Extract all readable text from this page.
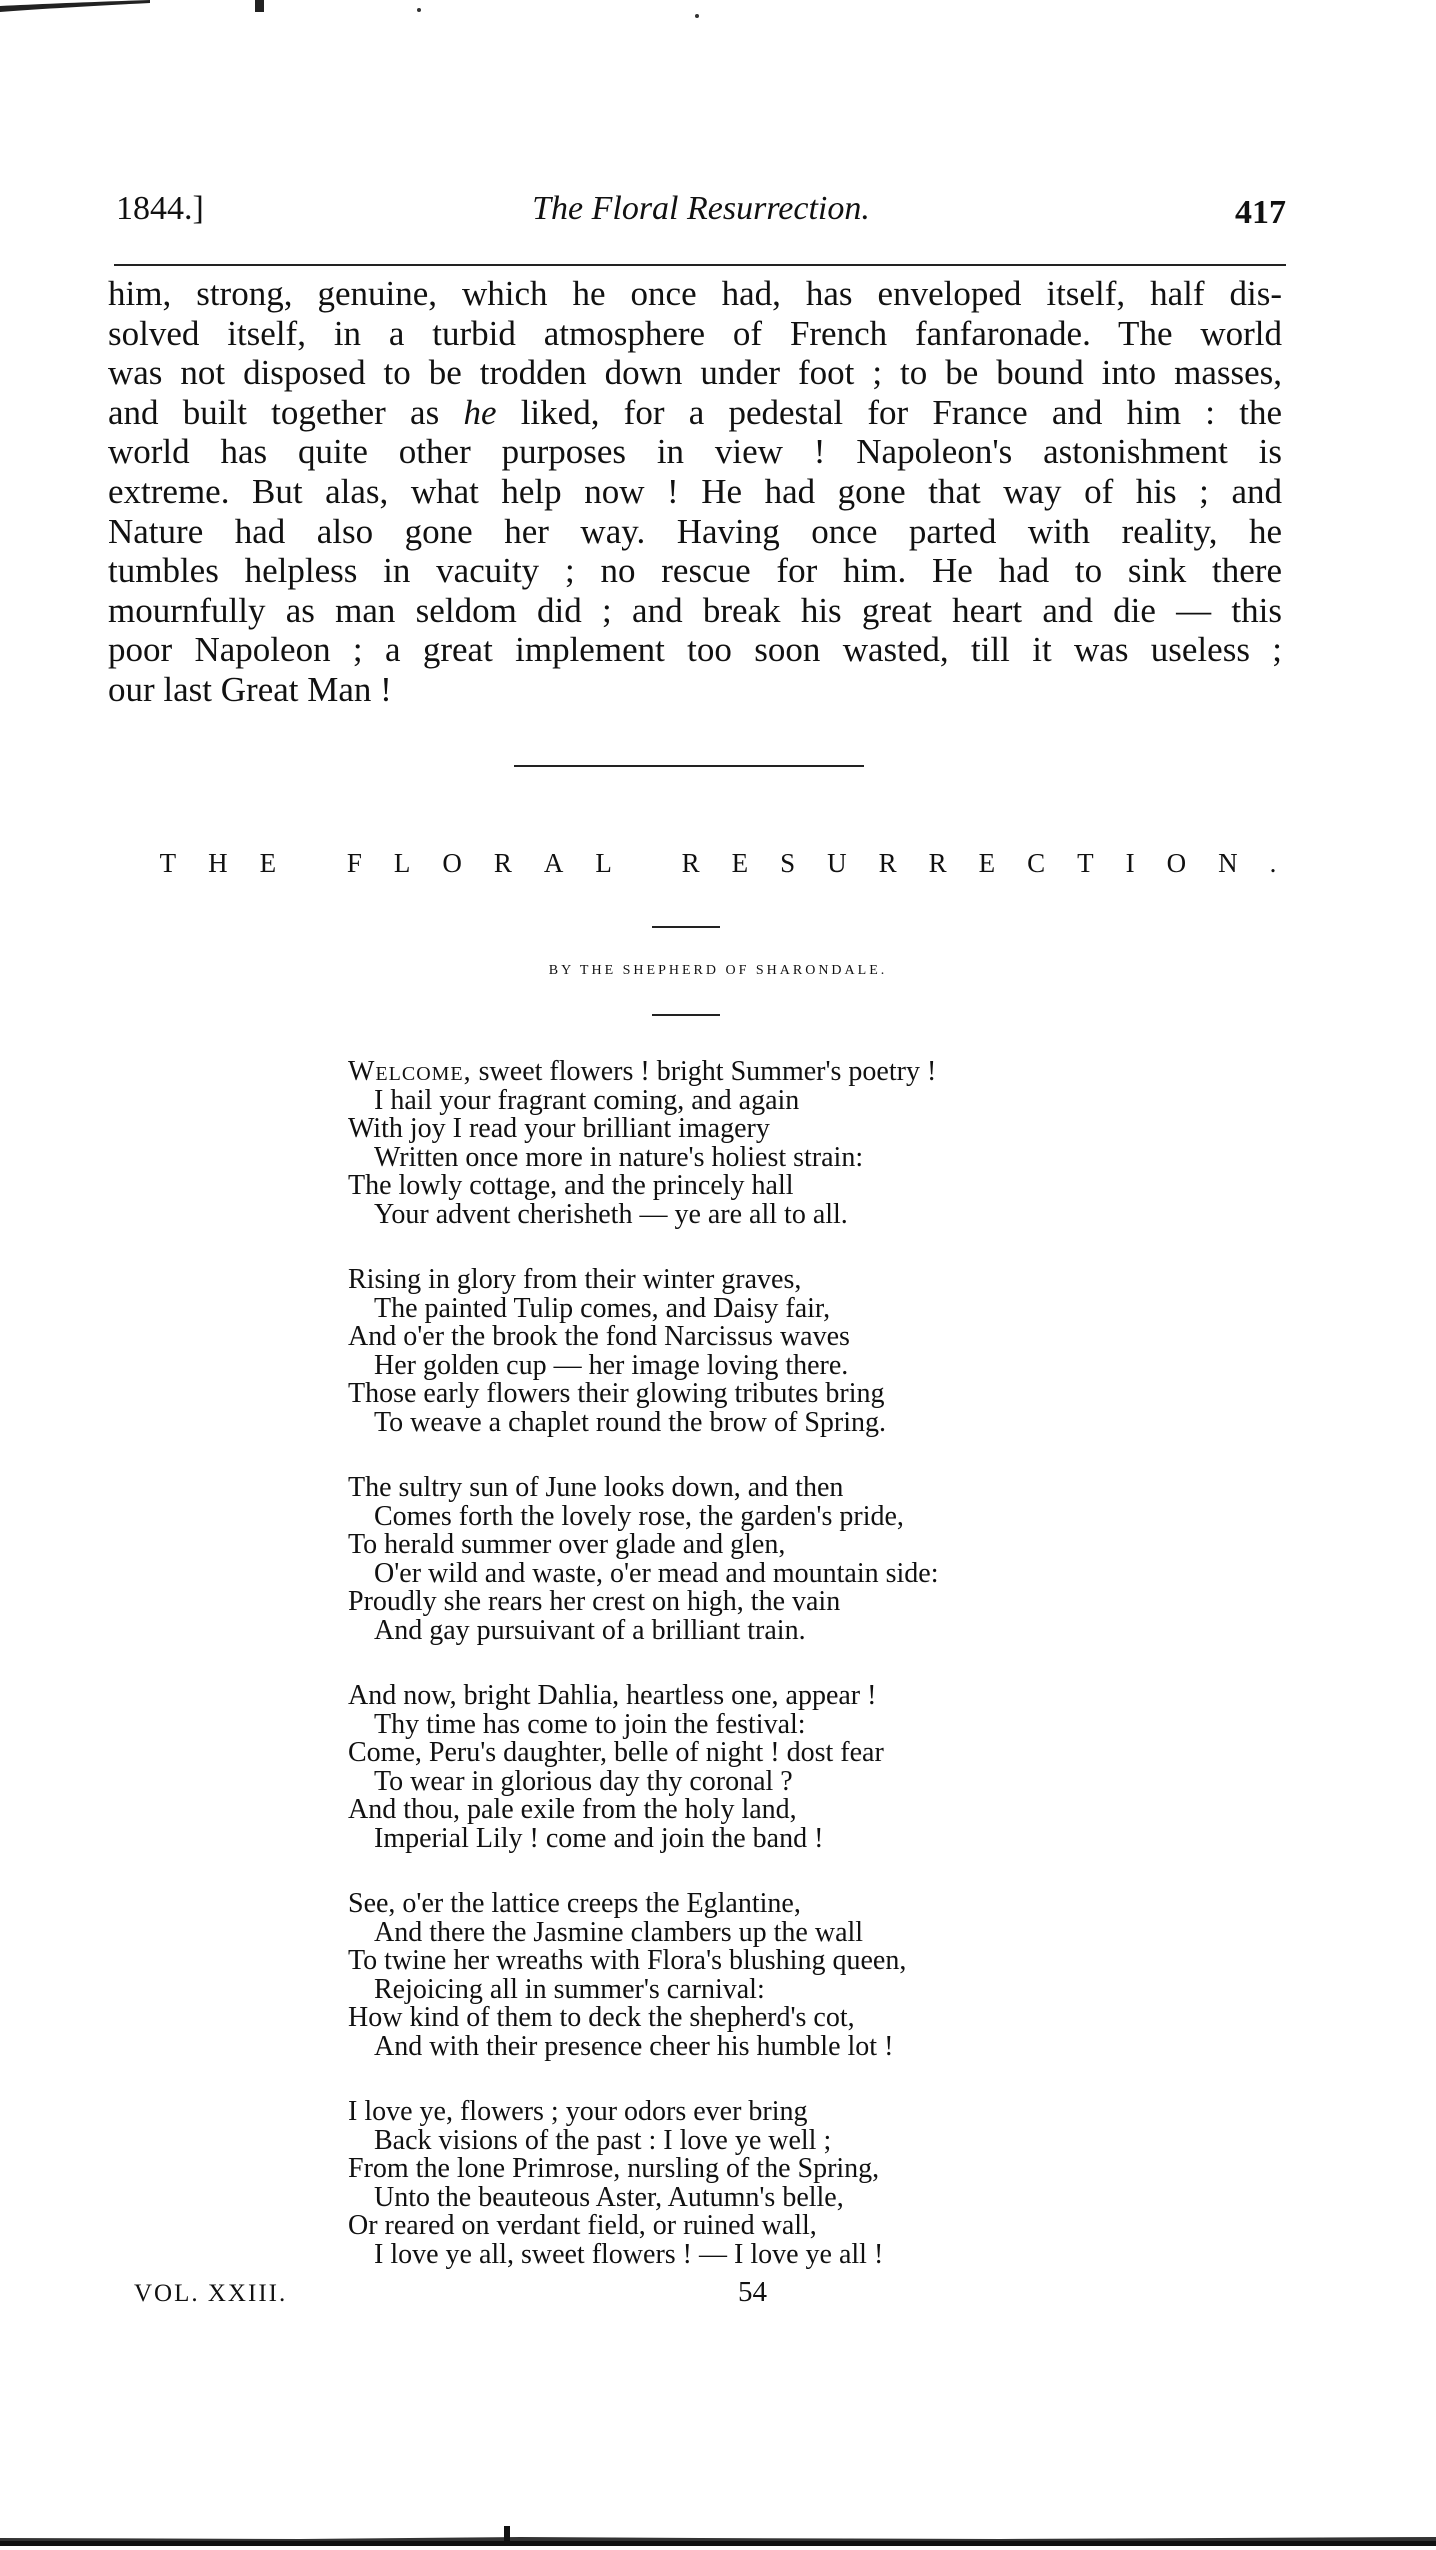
1844.]	The Floral Resurrection.	417
him, strong, genuine, which he once had, has enveloped itself, half dis-
solved itself, in a turbid atmosphere of French fanfaronade. The world
was not disposed to be trodden down under foot ; to be bound into masses,
and built together as he liked, for a pedestal for France and him : the
world has quite other purposes in view ! Napoleon's astonishment is
extreme. But alas, what help now ! He had gone that way of his ; and
Nature had also gone her way. Having once parted with reality, he
tumbles helpless in vacuity ; no rescue for him. He had to sink there
mournfully as man seldom did ; and break his great heart and die — this
poor Napoleon ; a great implement too soon wasted, till it was useless ;
our last Great Man !
THE FLORAL RESURRECTION.
BY THE SHEPHERD OF SHARONDALE.
Welcome, sweet flowers ! bright Summer's poetry !
I hail your fragrant coming, and again
With joy I read your brilliant imagery
Written once more in nature's holiest strain:
The lowly cottage, and the princely hall
Your advent cherisheth — ye are all to all.
Rising in glory from their winter graves,
The painted Tulip comes, and Daisy fair,
And o'er the brook the fond Narcissus waves
Her golden cup — her image loving there.
Those early flowers their glowing tributes bring
To weave a chaplet round the brow of Spring.
The sultry sun of June looks down, and then
Comes forth the lovely rose, the garden's pride,
To herald summer over glade and glen,
O'er wild and waste, o'er mead and mountain side:
Proudly she rears her crest on high, the vain
And gay pursuivant of a brilliant train.
And now, bright Dahlia, heartless one, appear !
Thy time has come to join the festival:
Come, Peru's daughter, belle of night ! dost fear
To wear in glorious day thy coronal ?
And thou, pale exile from the holy land,
Imperial Lily ! come and join the band !
See, o'er the lattice creeps the Eglantine,
And there the Jasmine clambers up the wall
To twine her wreaths with Flora's blushing queen,
Rejoicing all in summer's carnival:
How kind of them to deck the shepherd's cot,
And with their presence cheer his humble lot !
I love ye, flowers ; your odors ever bring
Back visions of the past : I love ye well ;
From the lone Primrose, nursling of the Spring,
Unto the beauteous Aster, Autumn's belle,
Or reared on verdant field, or ruined wall,
I love ye all, sweet flowers ! — I love ye all !
VOL. XXIII.	54
